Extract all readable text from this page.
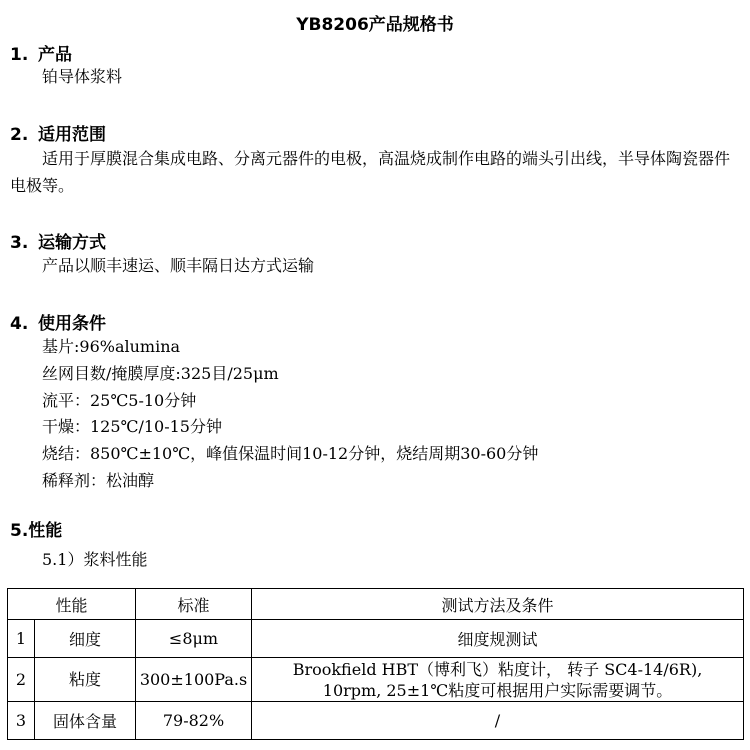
YB8206产品规格书
1. 产品
铂导体浆料
2. 适用范围
适用于厚膜混合集成电路、分离元器件的电极，高温烧成制作电路的端头引出线，半导体陶瓷器件电极等。
3. 运输方式
产品以顺丰速运、顺丰隔日达方式运输
4. 使用条件
基片:96%alumina
丝网目数/掩膜厚度:325目/25μm
流平：25℃5-10分钟
干燥：125℃/10-15分钟
烧结：850℃±10℃，峰值保温时间10-12分钟，烧结周期30-60分钟
稀释剂：松油醇
5.性能
5.1）浆料性能
性能		标准	测试方法及条件
1	细度	≤8μm	细度规测试
2	粘度	300±100Pa.s	Brookfield HBT（博利飞）粘度计， 转子 SC4-14/6R),
10rpm, 25±1℃粘度可根据用户实际需要调节。

3	固体含量	79-82%	/
